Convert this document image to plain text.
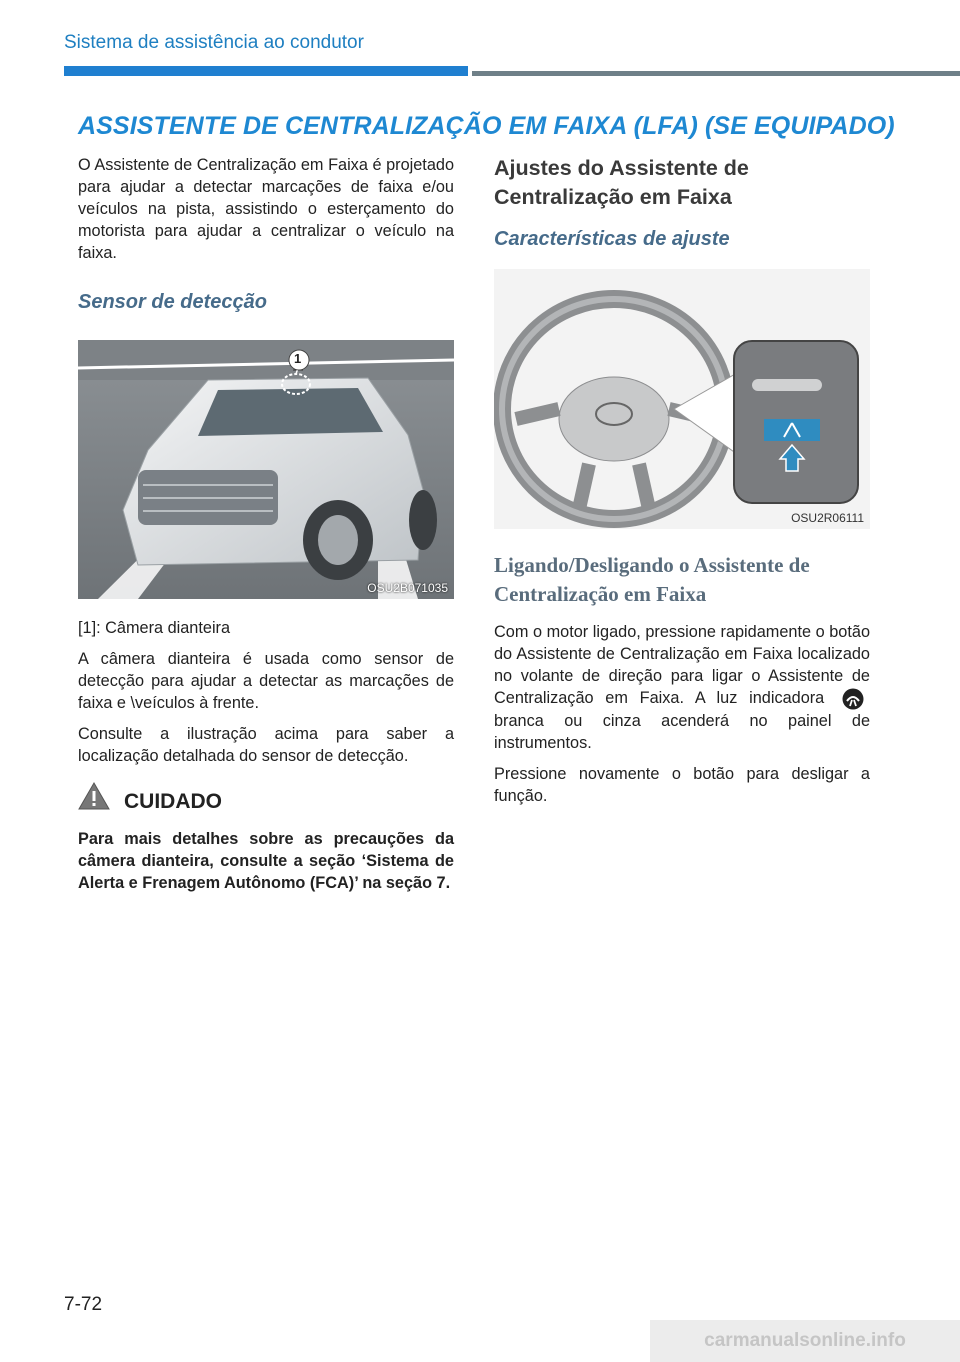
Sistema de assistência ao condutor
ASSISTENTE DE CENTRALIZAÇÃO EM FAIXA (LFA) (SE EQUIPADO)

O Assistente de Centralização em Faixa é projetado para ajudar a detectar marcações de faixa e/ou veículos na pista, assistindo o esterçamento do motorista para ajudar a centralizar o veículo na faixa.

Sensor de detecção
1
OSU2B071035

[1]: Câmera dianteira

A câmera dianteira é usada como sensor de detecção para ajudar a detectar as marcações de faixa e \veículos à frente.

Consulte a ilustração acima para saber a localização detalhada do sensor de detecção.

CUIDADO

Para mais detalhes sobre as precauções da câmera dianteira, consulte a seção ‘Sistema de Alerta e Frenagem Autônomo (FCA)’ na seção 7.

Ajustes do Assistente de Centralização em Faixa
Características de ajuste
OSU2R06111
Ligando/Desligando o Assistente de Centralização em Faixa

Com o motor ligado, pressione rapidamente o botão do Assistente de Centralização em Faixa localizado no volante de direção para ligar o Assistente de Centralização em Faixa. A luz indicadora  branca ou cinza acenderá no painel de instrumentos.

Pressione novamente o botão para desligar a função.

7-72
carmanualsonline.info
